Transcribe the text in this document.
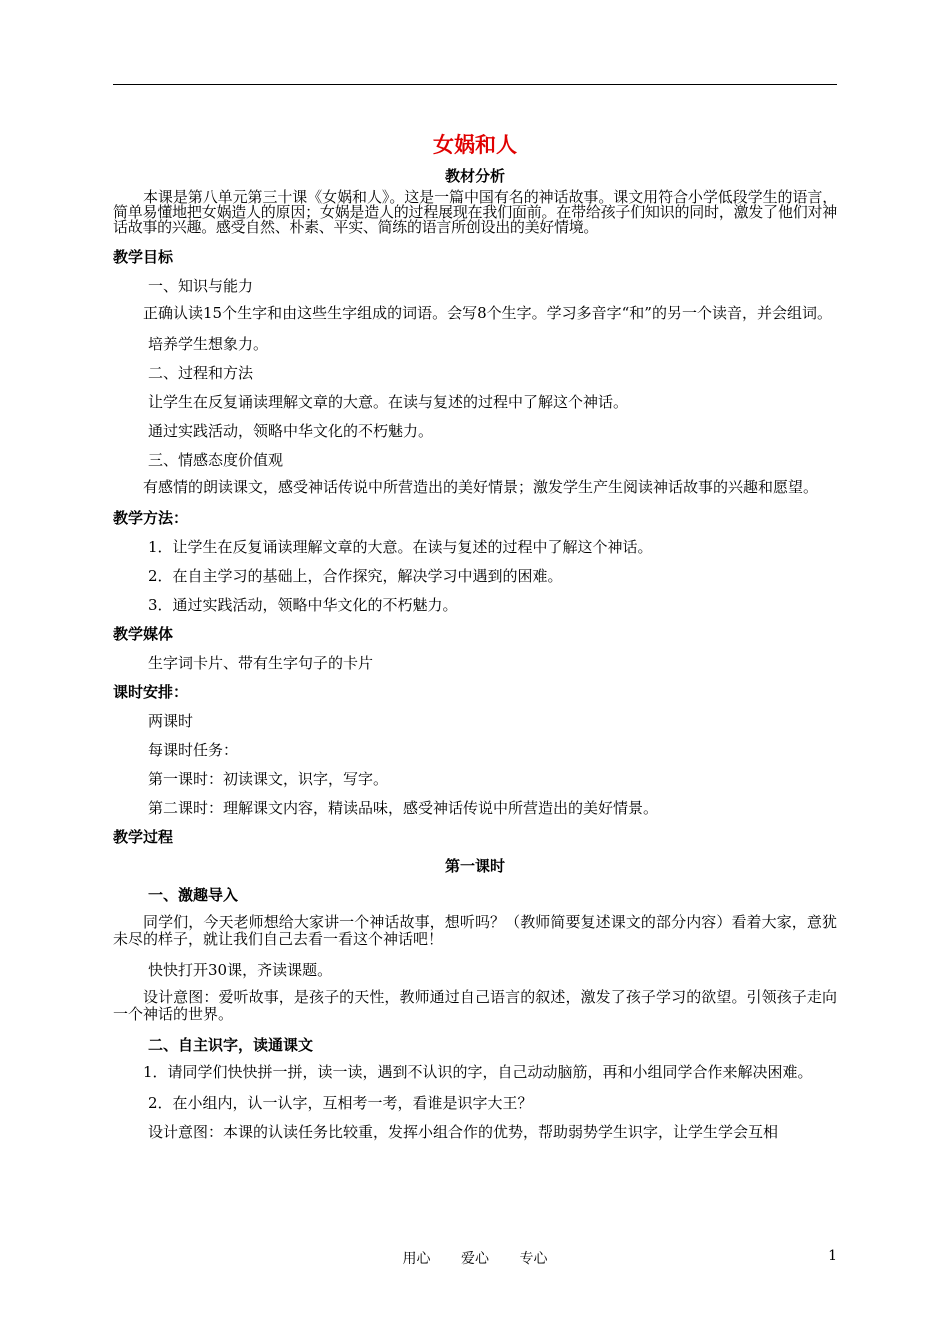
女娲和人
教材分析

本课是第八单元第三十课《女娲和人》。这是一篇中国有名的神话故事。课文用符合小学低段学生的语言，简单易懂地把女娲造人的原因；女娲是造人的过程展现在我们面前。在带给孩子们知识的同时，激发了他们对神话故事的兴趣。感受自然、朴素、平实、简练的语言所创设出的美好情境。

教学目标
一、知识与能力

正确认读15个生字和由这些生字组成的词语。会写8个生字。学习多音字“和”的另一个读音，并会组词。

培养学生想象力。
二、过程和方法
让学生在反复诵读理解文章的大意。在读与复述的过程中了解这个神话。
通过实践活动，领略中华文化的不朽魅力。
三、情感态度价值观

有感情的朗读课文，感受神话传说中所营造出的美好情景；激发学生产生阅读神话故事的兴趣和愿望。

教学方法：
1．让学生在反复诵读理解文章的大意。在读与复述的过程中了解这个神话。
2．在自主学习的基础上，合作探究，解决学习中遇到的困难。
3．通过实践活动，领略中华文化的不朽魅力。
教学媒体
生字词卡片、带有生字句子的卡片
课时安排：
两课时
每课时任务：
第一课时：初读课文，识字，写字。
第二课时：理解课文内容，精读品味，感受神话传说中所营造出的美好情景。
教学过程
第一课时
一、激趣导入

同学们，今天老师想给大家讲一个神话故事，想听吗？（教师简要复述课文的部分内容）看着大家，意犹未尽的样子，就让我们自己去看一看这个神话吧！

快快打开30课，齐读课题。

设计意图：爱听故事，是孩子的天性，教师通过自己语言的叙述，激发了孩子学习的欲望。引领孩子走向一个神话的世界。

二、自主识字，读通课文

1．请同学们快快拼一拼，读一读，遇到不认识的字，自己动动脑筋，再和小组同学合作来解决困难。

2．在小组内，认一认字，互相考一考，看谁是识字大王？
设计意图：本课的认读任务比较重，发挥小组合作的优势，帮助弱势学生识字，让学生学会互相
用心 爱心 专心	1
